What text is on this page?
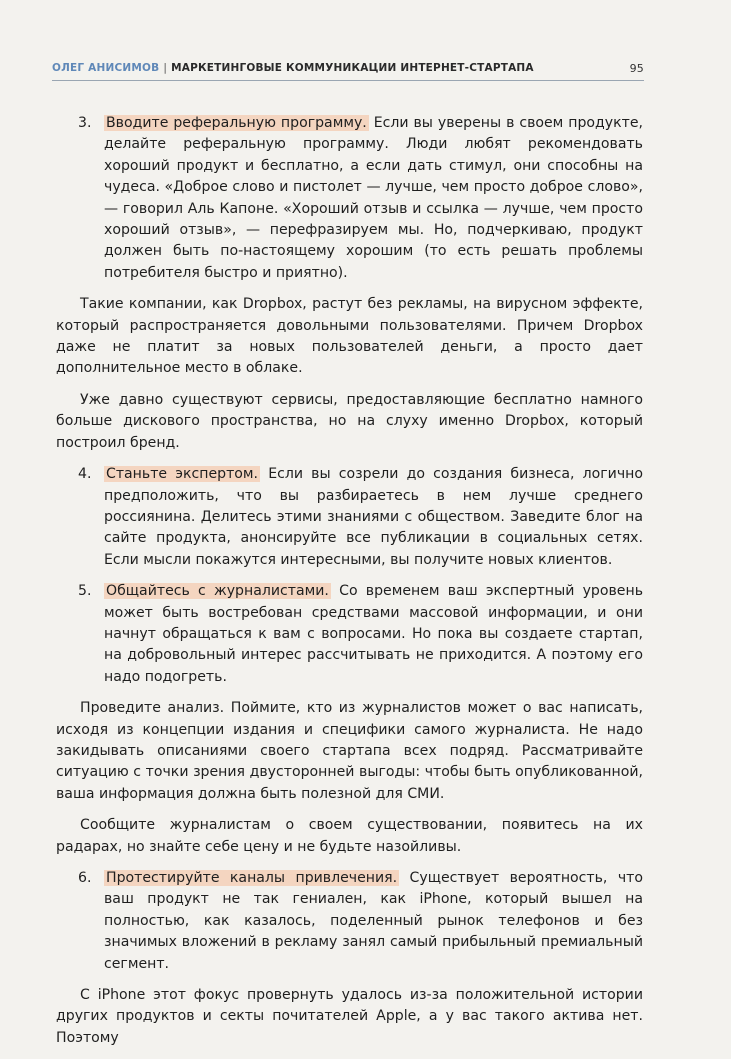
ОЛЕГ АНИСИМОВ | МАРКЕТИНГОВЫЕ КОММУНИКАЦИИ ИНТЕРНЕТ-СТАРТАПА	95
3. Вводите реферальную программу. Если вы уверены в своем продукте, делайте реферальную программу. Люди любят рекомендовать хороший продукт и бесплатно, а если дать стимул, они способны на чудеса. «Доброе слово и пистолет — лучше, чем просто доброе слово», — говорил Аль Капоне. «Хороший отзыв и ссылка — лучше, чем просто хороший отзыв», — перефразируем мы. Но, подчеркиваю, продукт должен быть по-настоящему хорошим (то есть решать проблемы потребителя быстро и приятно).

Такие компании, как Dropbox, растут без рекламы, на вирусном эффекте, который распространяется довольными пользователями. Причем Dropbox даже не платит за новых пользователей деньги, а просто дает дополнительное место в облаке.

Уже давно существуют сервисы, предоставляющие бесплатно намного больше дискового пространства, но на слуху именно Dropbox, который построил бренд.

4. Станьте экспертом. Если вы созрели до создания бизнеса, логично предположить, что вы разбираетесь в нем лучше среднего россиянина. Делитесь этими знаниями с обществом. Заведите блог на сайте продукта, анонсируйте все публикации в социальных сетях. Если мысли покажутся интересными, вы получите новых клиентов.
5. Общайтесь с журналистами. Со временем ваш экспертный уровень может быть востребован средствами массовой информации, и они начнут обращаться к вам с вопросами. Но пока вы создаете стартап, на добровольный интерес рассчитывать не приходится. А поэтому его надо подогреть.

Проведите анализ. Поймите, кто из журналистов может о вас написать, исходя из концепции издания и специфики самого журналиста. Не надо закидывать описаниями своего стартапа всех подряд. Рассматривайте ситуацию с точки зрения двусторонней выгоды: чтобы быть опубликованной, ваша информация должна быть полезной для СМИ.

Сообщите журналистам о своем существовании, появитесь на их радарах, но знайте себе цену и не будьте назойливы.

6. Протестируйте каналы привлечения. Существует вероятность, что ваш продукт не так гениален, как iPhone, который вышел на полностью, как казалось, поделенный рынок телефонов и без значимых вложений в рекламу занял самый прибыльный премиальный сегмент.

С iPhone этот фокус провернуть удалось из-за положительной истории других продуктов и секты почитателей Apple, а у вас такого актива нет. Поэтому
